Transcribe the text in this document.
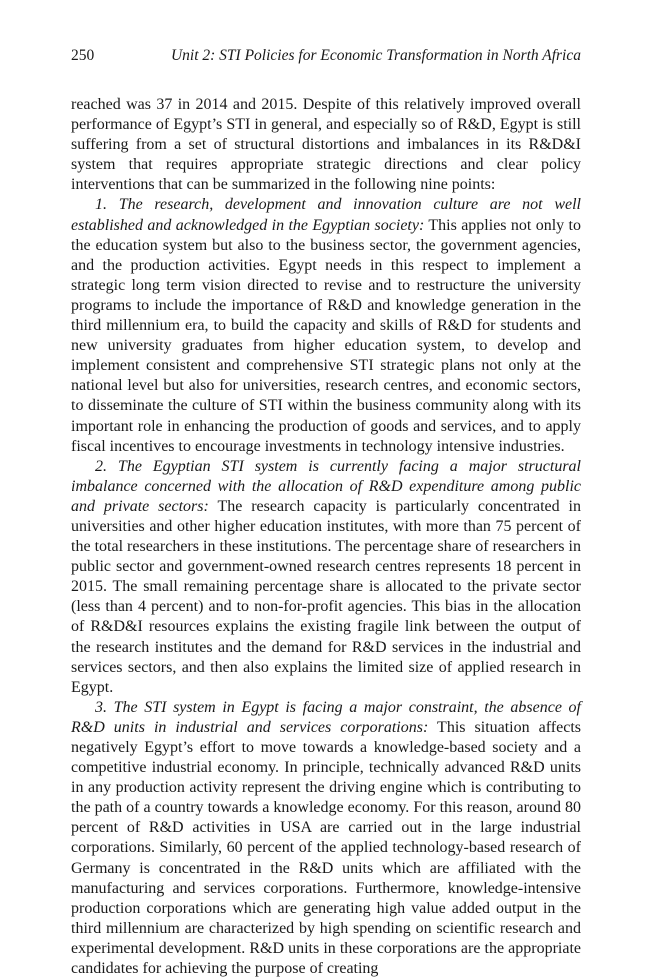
250	Unit 2: STI Policies for Economic Transformation in North Africa

reached was 37 in 2014 and 2015. Despite of this relatively improved overall performance of Egypt’s STI in general, and especially so of R&D, Egypt is still suffering from a set of structural distortions and imbalances in its R&D&I system that requires appropriate strategic directions and clear policy interventions that can be summarized in the following nine points:

1. The research, development and innovation culture are not well established and acknowledged in the Egyptian society: This applies not only to the education system but also to the business sector, the government agencies, and the production activities. Egypt needs in this respect to implement a strategic long term vision directed to revise and to restructure the university programs to include the importance of R&D and knowledge generation in the third millennium era, to build the capacity and skills of R&D for students and new university graduates from higher education system, to develop and implement consistent and comprehensive STI strategic plans not only at the national level but also for universities, research centres, and economic sectors, to disseminate the culture of STI within the business community along with its important role in enhancing the production of goods and services, and to apply fiscal incentives to encourage investments in technology intensive industries.

2. The Egyptian STI system is currently facing a major structural imbalance concerned with the allocation of R&D expenditure among public and private sectors: The research capacity is particularly concentrated in universities and other higher education institutes, with more than 75 percent of the total researchers in these institutions. The percentage share of researchers in public sector and government-owned research centres represents 18 percent in 2015. The small remaining percentage share is allocated to the private sector (less than 4 percent) and to non-for-profit agencies. This bias in the allocation of R&D&I resources explains the existing fragile link between the output of the research institutes and the demand for R&D services in the industrial and services sectors, and then also explains the limited size of applied research in Egypt.

3. The STI system in Egypt is facing a major constraint, the absence of R&D units in industrial and services corporations: This situation affects negatively Egypt’s effort to move towards a knowledge-based society and a competitive industrial economy. In principle, technically advanced R&D units in any production activity represent the driving engine which is contributing to the path of a country towards a knowledge economy. For this reason, around 80 percent of R&D activities in USA are carried out in the large industrial corporations. Similarly, 60 percent of the applied technology-based research of Germany is concentrated in the R&D units which are affiliated with the manufacturing and services corporations. Furthermore, knowledge-intensive production corporations which are generating high value added output in the third millennium are characterized by high spending on scientific research and experimental development. R&D units in these corporations are the appropriate candidates for achieving the purpose of creating
